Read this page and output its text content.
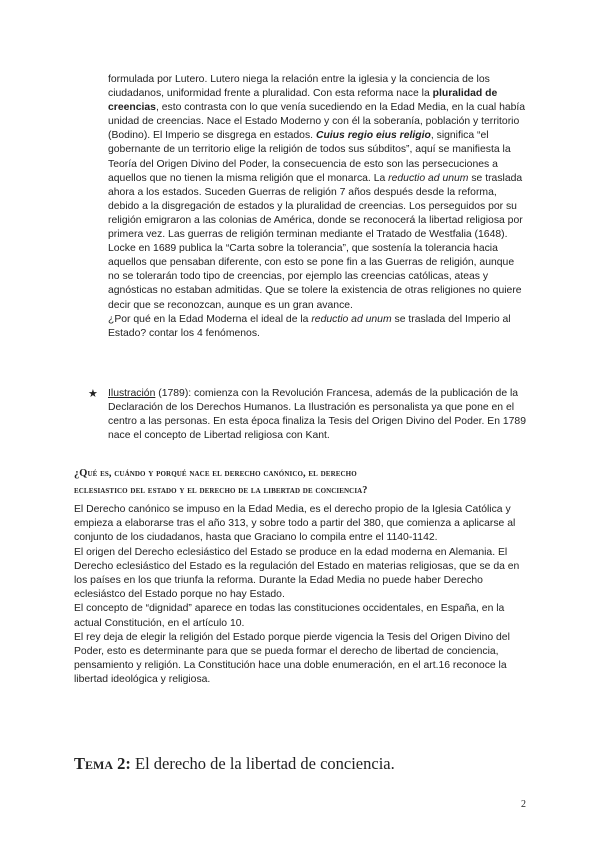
formulada por Lutero. Lutero niega la relación entre la iglesia y la conciencia de los ciudadanos, uniformidad frente a pluralidad. Con esta reforma nace la pluralidad de creencias, esto contrasta con lo que venía sucediendo en la Edad Media, en la cual había unidad de creencias. Nace el Estado Moderno y con él la soberanía, población y territorio (Bodino). El Imperio se disgrega en estados. Cuius regio eius religio, significa “el gobernante de un territorio elige la religión de todos sus súbditos”, aquí se manifiesta la Teoría del Origen Divino del Poder, la consecuencia de esto son las persecuciones a aquellos que no tienen la misma religión que el monarca. La reductio ad unum se traslada ahora a los estados. Suceden Guerras de religión 7 años después desde la reforma, debido a la disgregación de estados y la pluralidad de creencias. Los perseguidos por su religión emigraron a las colonias de América, donde se reconocerá la libertad religiosa por primera vez. Las guerras de religión terminan mediante el Tratado de Westfalia (1648). Locke en 1689 publica la “Carta sobre la tolerancia”, que sostenía la tolerancia hacia aquellos que pensaban diferente, con esto se pone fin a las Guerras de religión, aunque no se tolerarán todo tipo de creencias, por ejemplo las creencias católicas, ateas y agnósticas no estaban admitidas. Que se tolere la existencia de otras religiones no quiere decir que se reconozcan, aunque es un gran avance.

¿Por qué en la Edad Moderna el ideal de la reductio ad unum se traslada del Imperio al Estado? contar los 4 fenómenos.

★ Ilustración (1789): comienza con la Revolución Francesa, además de la publicación de la Declaración de los Derechos Humanos. La Ilustración es personalista ya que pone en el centro a las personas. En esta época finaliza la Tesis del Origen Divino del Poder. En 1789 nace el concepto de Libertad religiosa con Kant.

¿Qué es, cuándo y porqué nace el derecho canónico, el derecho

eclesiastico del estado y el derecho de la libertad de conciencia?

El Derecho canónico se impuso en la Edad Media, es el derecho propio de la Iglesia Católica y empieza a elaborarse tras el año 313, y sobre todo a partir del 380, que comienza a aplicarse al conjunto de los ciudadanos, hasta que Graciano lo compila entre el 1140-1142.

El origen del Derecho eclesiástico del Estado se produce en la edad moderna en Alemania. El Derecho eclesiástico del Estado es la regulación del Estado en materias religiosas, que se da en los países en los que triunfa la reforma. Durante la Edad Media no puede haber Derecho eclesiástco del Estado porque no hay Estado.

El concepto de “dignidad” aparece en todas las constituciones occidentales, en España, en la actual Constitución, en el artículo 10.

El rey deja de elegir la religión del Estado porque pierde vigencia la Tesis del Origen Divino del Poder, esto es determinante para que se pueda formar el derecho de libertad de conciencia, pensamiento y religión. La Constitución hace una doble enumeración, en el art.16 reconoce la libertad ideológica y religiosa.

Tema 2: El derecho de la libertad de conciencia.
2
